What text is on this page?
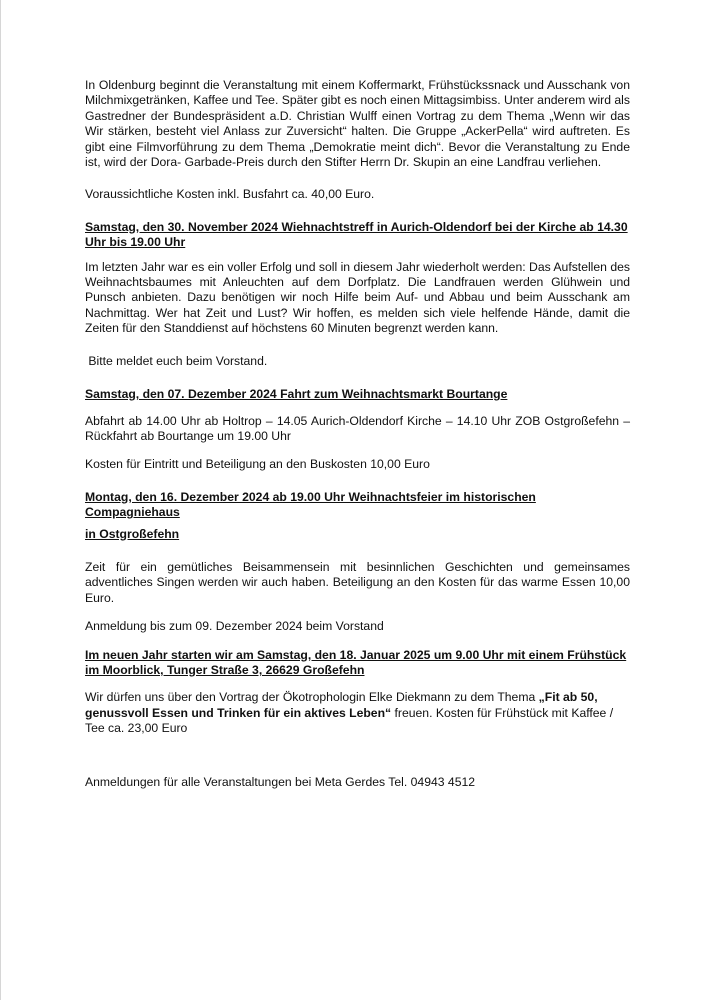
In Oldenburg beginnt die Veranstaltung mit einem Koffermarkt, Frühstückssnack und Ausschank von Milchmixgetränken, Kaffee und Tee. Später gibt es noch einen Mittagsimbiss. Unter anderem wird als Gastredner der Bundespräsident a.D. Christian Wulff einen Vortrag zu dem Thema „Wenn wir das Wir stärken, besteht viel Anlass zur Zuversicht“ halten. Die Gruppe „AckerPella“ wird auftreten. Es gibt eine Filmvorführung zu dem Thema „Demokratie meint dich“. Bevor die Veranstaltung zu Ende ist, wird der Dora- Garbade-Preis durch den Stifter Herrn Dr. Skupin an eine Landfrau verliehen.

Voraussichtliche Kosten inkl. Busfahrt ca. 40,00 Euro.

Samstag, den 30. November 2024 Wiehnachtstreff in Aurich-Oldendorf bei der Kirche ab 14.30 Uhr bis 19.00 Uhr

Im letzten Jahr war es ein voller Erfolg und soll in diesem Jahr wiederholt werden: Das Aufstellen des Weihnachtsbaumes mit Anleuchten auf dem Dorfplatz. Die Landfrauen werden Glühwein und Punsch anbieten. Dazu benötigen wir noch Hilfe beim Auf- und Abbau und beim Ausschank am Nachmittag. Wer hat Zeit und Lust? Wir hoffen, es melden sich viele helfende Hände, damit die Zeiten für den Standdienst auf höchstens 60 Minuten begrenzt werden kann.

Bitte meldet euch beim Vorstand.

Samstag, den 07. Dezember 2024 Fahrt zum Weihnachtsmarkt Bourtange

Abfahrt ab 14.00 Uhr ab Holtrop – 14.05 Aurich-Oldendorf Kirche – 14.10 Uhr ZOB Ostgroßefehn – Rückfahrt ab Bourtange um 19.00 Uhr

Kosten für Eintritt und Beteiligung an den Buskosten 10,00 Euro

Montag, den 16. Dezember 2024 ab 19.00 Uhr Weihnachtsfeier im historischen Compagniehaus

in Ostgroßefehn

Zeit für ein gemütliches Beisammensein mit besinnlichen Geschichten und gemeinsames adventliches Singen werden wir auch haben. Beteiligung an den Kosten für das warme Essen 10,00 Euro.

Anmeldung bis zum 09. Dezember 2024 beim Vorstand

Im neuen Jahr starten wir am Samstag, den 18. Januar 2025 um 9.00 Uhr mit einem Frühstück im Moorblick, Tunger Straße 3, 26629 Großefehn

Wir dürfen uns über den Vortrag der Ökotrophologin Elke Diekmann zu dem Thema „Fit ab 50, genussvoll Essen und Trinken für ein aktives Leben“ freuen. Kosten für Frühstück mit Kaffee / Tee ca. 23,00 Euro

Anmeldungen für alle Veranstaltungen bei Meta Gerdes Tel. 04943 4512
